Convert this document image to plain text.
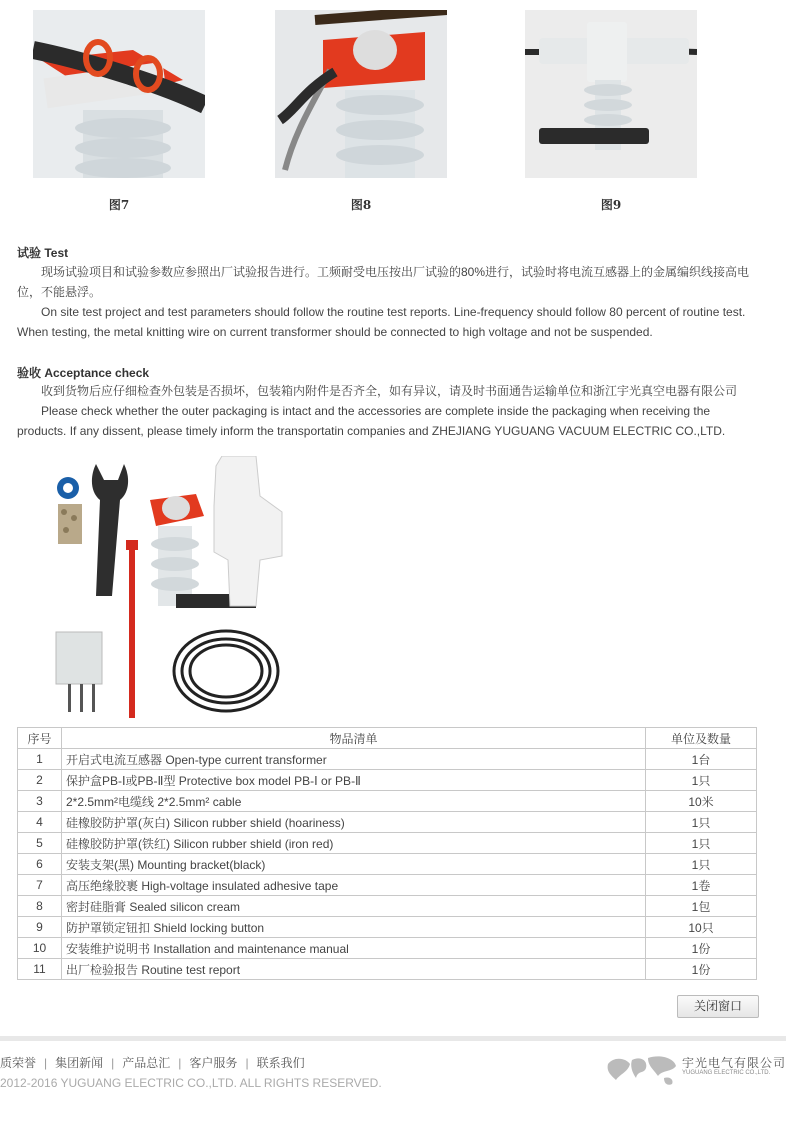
图7	图8	图9
试验 Test
现场试验项目和试验参数应参照出厂试验报告进行。工频耐受电压按出厂试验的80%进行，试验时将电流互感器上的金属编织线接高电位，不能悬浮。
On site test project and test parameters should follow the routine test reports. Line-frequency should follow 80 percent of routine test. When testing, the metal knitting wire on current transformer should be connected to high voltage and not be suspended.
验收 Acceptance check
收到货物后应仔细检查外包装是否损坏，包装箱内附件是否齐全，如有异议，请及时书面通告运输单位和浙江宇光真空电器有限公司
Please check whether the outer packaging is intact and the accessories are complete inside the packaging when receiving the products. If any dissent, please timely inform the transportatin companies and ZHEJIANG YUGUANG VACUUM ELECTRIC CO.,LTD.
序号	物品清单	单位及数量
1	开启式电流互感器 Open-type current transformer	1台
2	保护盒PB-Ⅰ或PB-Ⅱ型 Protective box model PB-Ⅰ or PB-Ⅱ	1只
3	2*2.5mm²电缆线 2*2.5mm² cable	10米
4	硅橡胶防护罩(灰白) Silicon rubber shield (hoariness)	1只
5	硅橡胶防护罩(铁红) Silicon rubber shield (iron red)	1只
6	安装支架(黑) Mounting bracket(black)	1只
7	高压绝缘胶裹 High-voltage insulated adhesive tape	1卷
8	密封硅脂膏 Sealed silicon cream	1包
9	防护罩锁定钮扣 Shield locking button	10只
10	安装维护说明书 Installation and maintenance manual	1份
11	出厂检验报告 Routine test report	1份
关闭窗口
质荣誉 | 集团新闻 | 产品总汇 | 客户服务 | 联系我们
2012-2016 YUGUANG ELECTRIC CO.,LTD. ALL RIGHTS RESERVED.
宇光电气有限公司
YUGUANG ELECTRIC CO.,LTD.
